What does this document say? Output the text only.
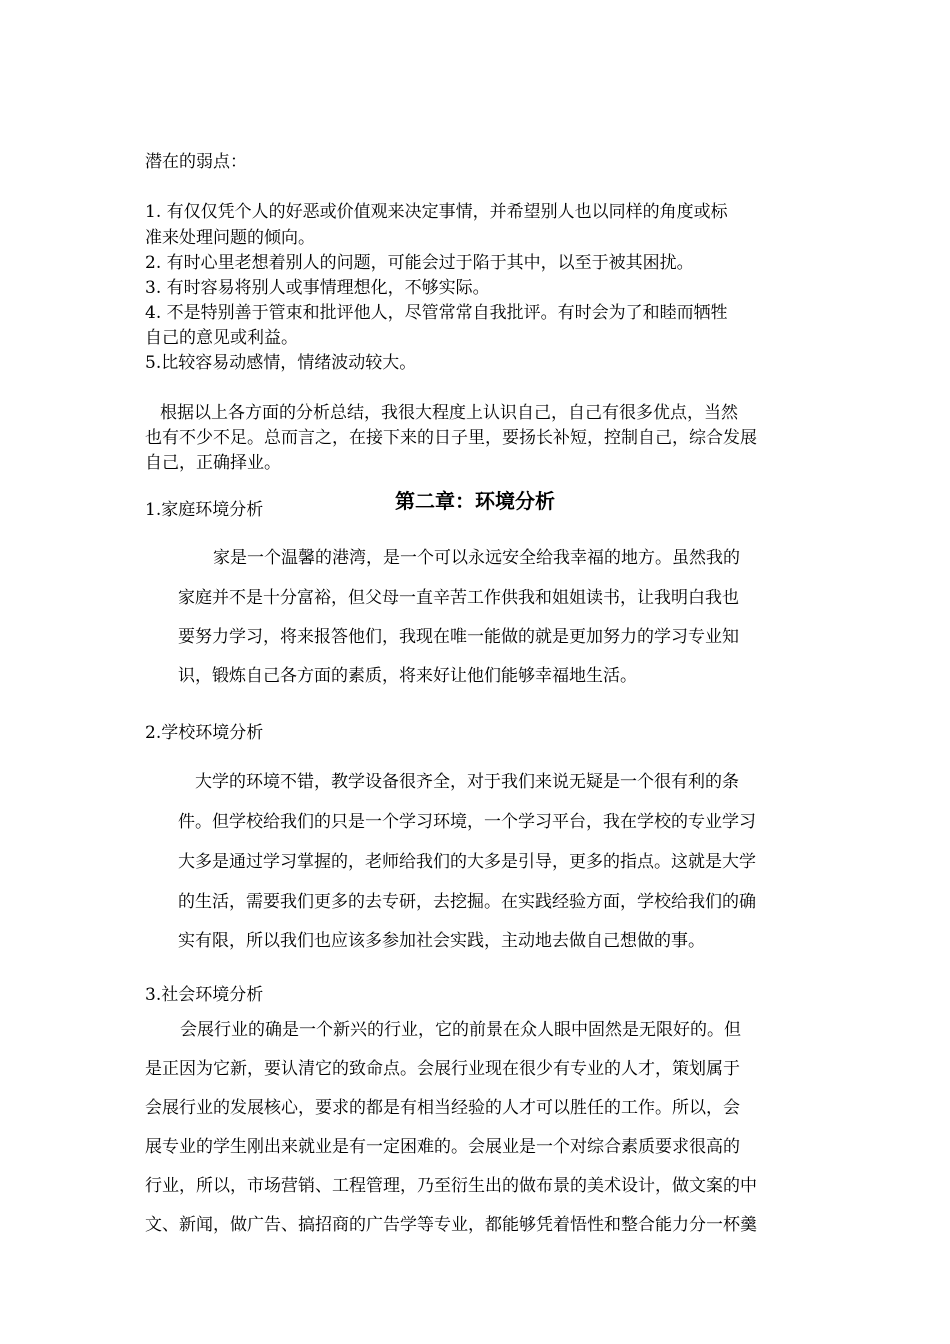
潜在的弱点：

1. 有仅仅凭个人的好恶或价值观来决定事情，并希望别人也以同样的角度或标

准来处理问题的倾向。

2. 有时心里老想着别人的问题，可能会过于陷于其中，以至于被其困扰。

3. 有时容易将别人或事情理想化，不够实际。

4. 不是特别善于管束和批评他人，尽管常常自我批评。有时会为了和睦而牺牲

自己的意见或利益。

5.比较容易动感情，情绪波动较大。

根据以上各方面的分析总结，我很大程度上认识自己，自己有很多优点，当然

也有不少不足。总而言之，在接下来的日子里，要扬长补短，控制自己，综合发展

自己，正确择业。

第二章：环境分析

1.家庭环境分析

家是一个温馨的港湾，是一个可以永远安全给我幸福的地方。虽然我的

家庭并不是十分富裕，但父母一直辛苦工作供我和姐姐读书，让我明白我也

要努力学习，将来报答他们，我现在唯一能做的就是更加努力的学习专业知

识，锻炼自己各方面的素质，将来好让他们能够幸福地生活。

2.学校环境分析

大学的环境不错，教学设备很齐全，对于我们来说无疑是一个很有利的条

件。但学校给我们的只是一个学习环境，一个学习平台，我在学校的专业学习

大多是通过学习掌握的，老师给我们的大多是引导，更多的指点。这就是大学

的生活，需要我们更多的去专研，去挖掘。在实践经验方面，学校给我们的确

实有限，所以我们也应该多参加社会实践，主动地去做自己想做的事。

3.社会环境分析

会展行业的确是一个新兴的行业，它的前景在众人眼中固然是无限好的。但

是正因为它新，要认清它的致命点。会展行业现在很少有专业的人才，策划属于

会展行业的发展核心，要求的都是有相当经验的人才可以胜任的工作。所以，会

展专业的学生刚出来就业是有一定困难的。会展业是一个对综合素质要求很高的

行业，所以，市场营销、工程管理，乃至衍生出的做布景的美术设计，做文案的中

文、新闻，做广告、搞招商的广告学等专业，都能够凭着悟性和整合能力分一杯羹
